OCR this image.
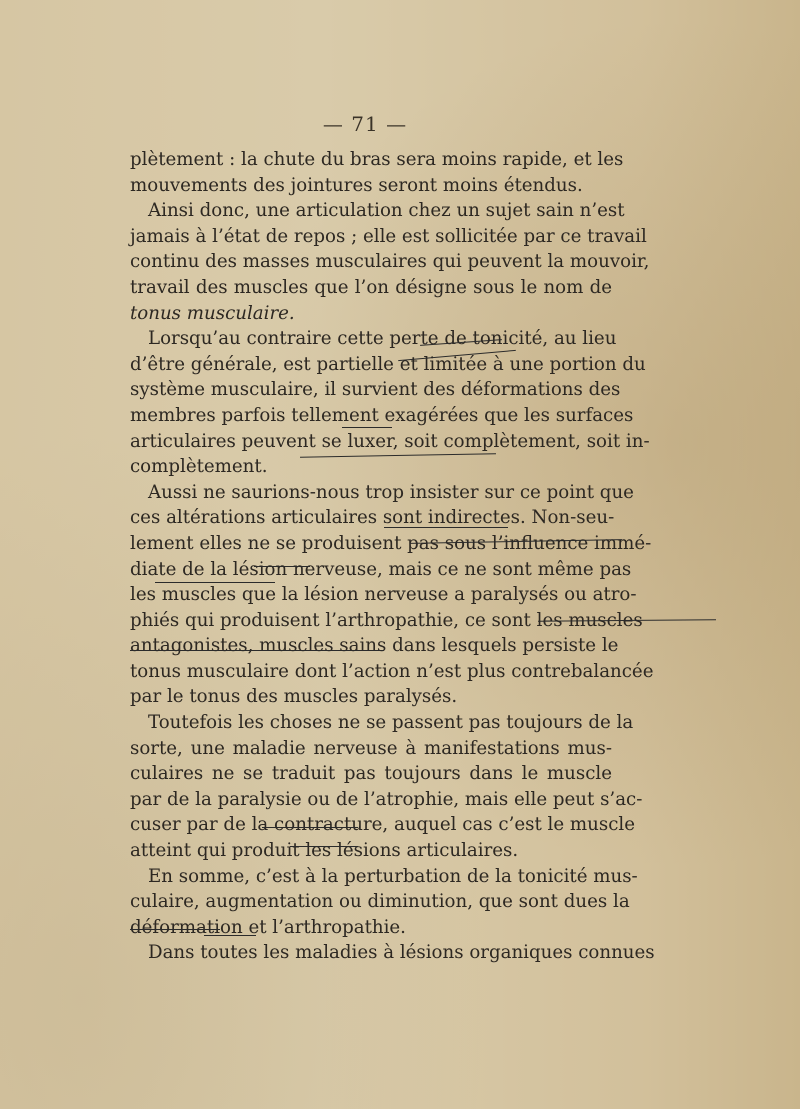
— 71 —

plètement : la chute du bras sera moins rapide, et les
mouvements des jointures seront moins étendus.

Ainsi donc, une articulation chez un sujet sain n’est
jamais à l’état de repos ; elle est sollicitée par ce travail
continu des masses musculaires qui peuvent la mouvoir,
travail des muscles que l’on désigne sous le nom de
tonus musculaire.

Lorsqu’au contraire cette perte de tonicité, au lieu
d’être générale, est partielle et limitée à une portion du
système musculaire, il survient des déformations des
membres parfois tellement exagérées que les surfaces
articulaires peuvent se luxer, soit complètement, soit in-
complètement.

Aussi ne saurions-nous trop insister sur ce point que
ces altérations articulaires sont indirectes. Non-seu-
lement elles ne se produisent pas sous l’influence immé-
diate de la lésion nerveuse, mais ce ne sont même pas
les muscles que la lésion nerveuse a paralysés ou atro-
phiés qui produisent l’arthropathie, ce sont les muscles
antagonistes, muscles sains dans lesquels persiste le
tonus musculaire dont l’action n’est plus contrebalancée
par le tonus des muscles paralysés.

Toutefois les choses ne se passent pas toujours de la
sorte, une maladie nerveuse à manifestations mus-
culaires ne se traduit pas toujours dans le muscle
par de la paralysie ou de l’atrophie, mais elle peut s’ac-
cuser par de la contracture, auquel cas c’est le muscle
atteint qui produit les lésions articulaires.

En somme, c’est à la perturbation de la tonicité mus-
culaire, augmentation ou diminution, que sont dues la
déformation et l’arthropathie.

Dans toutes les maladies à lésions organiques connues
